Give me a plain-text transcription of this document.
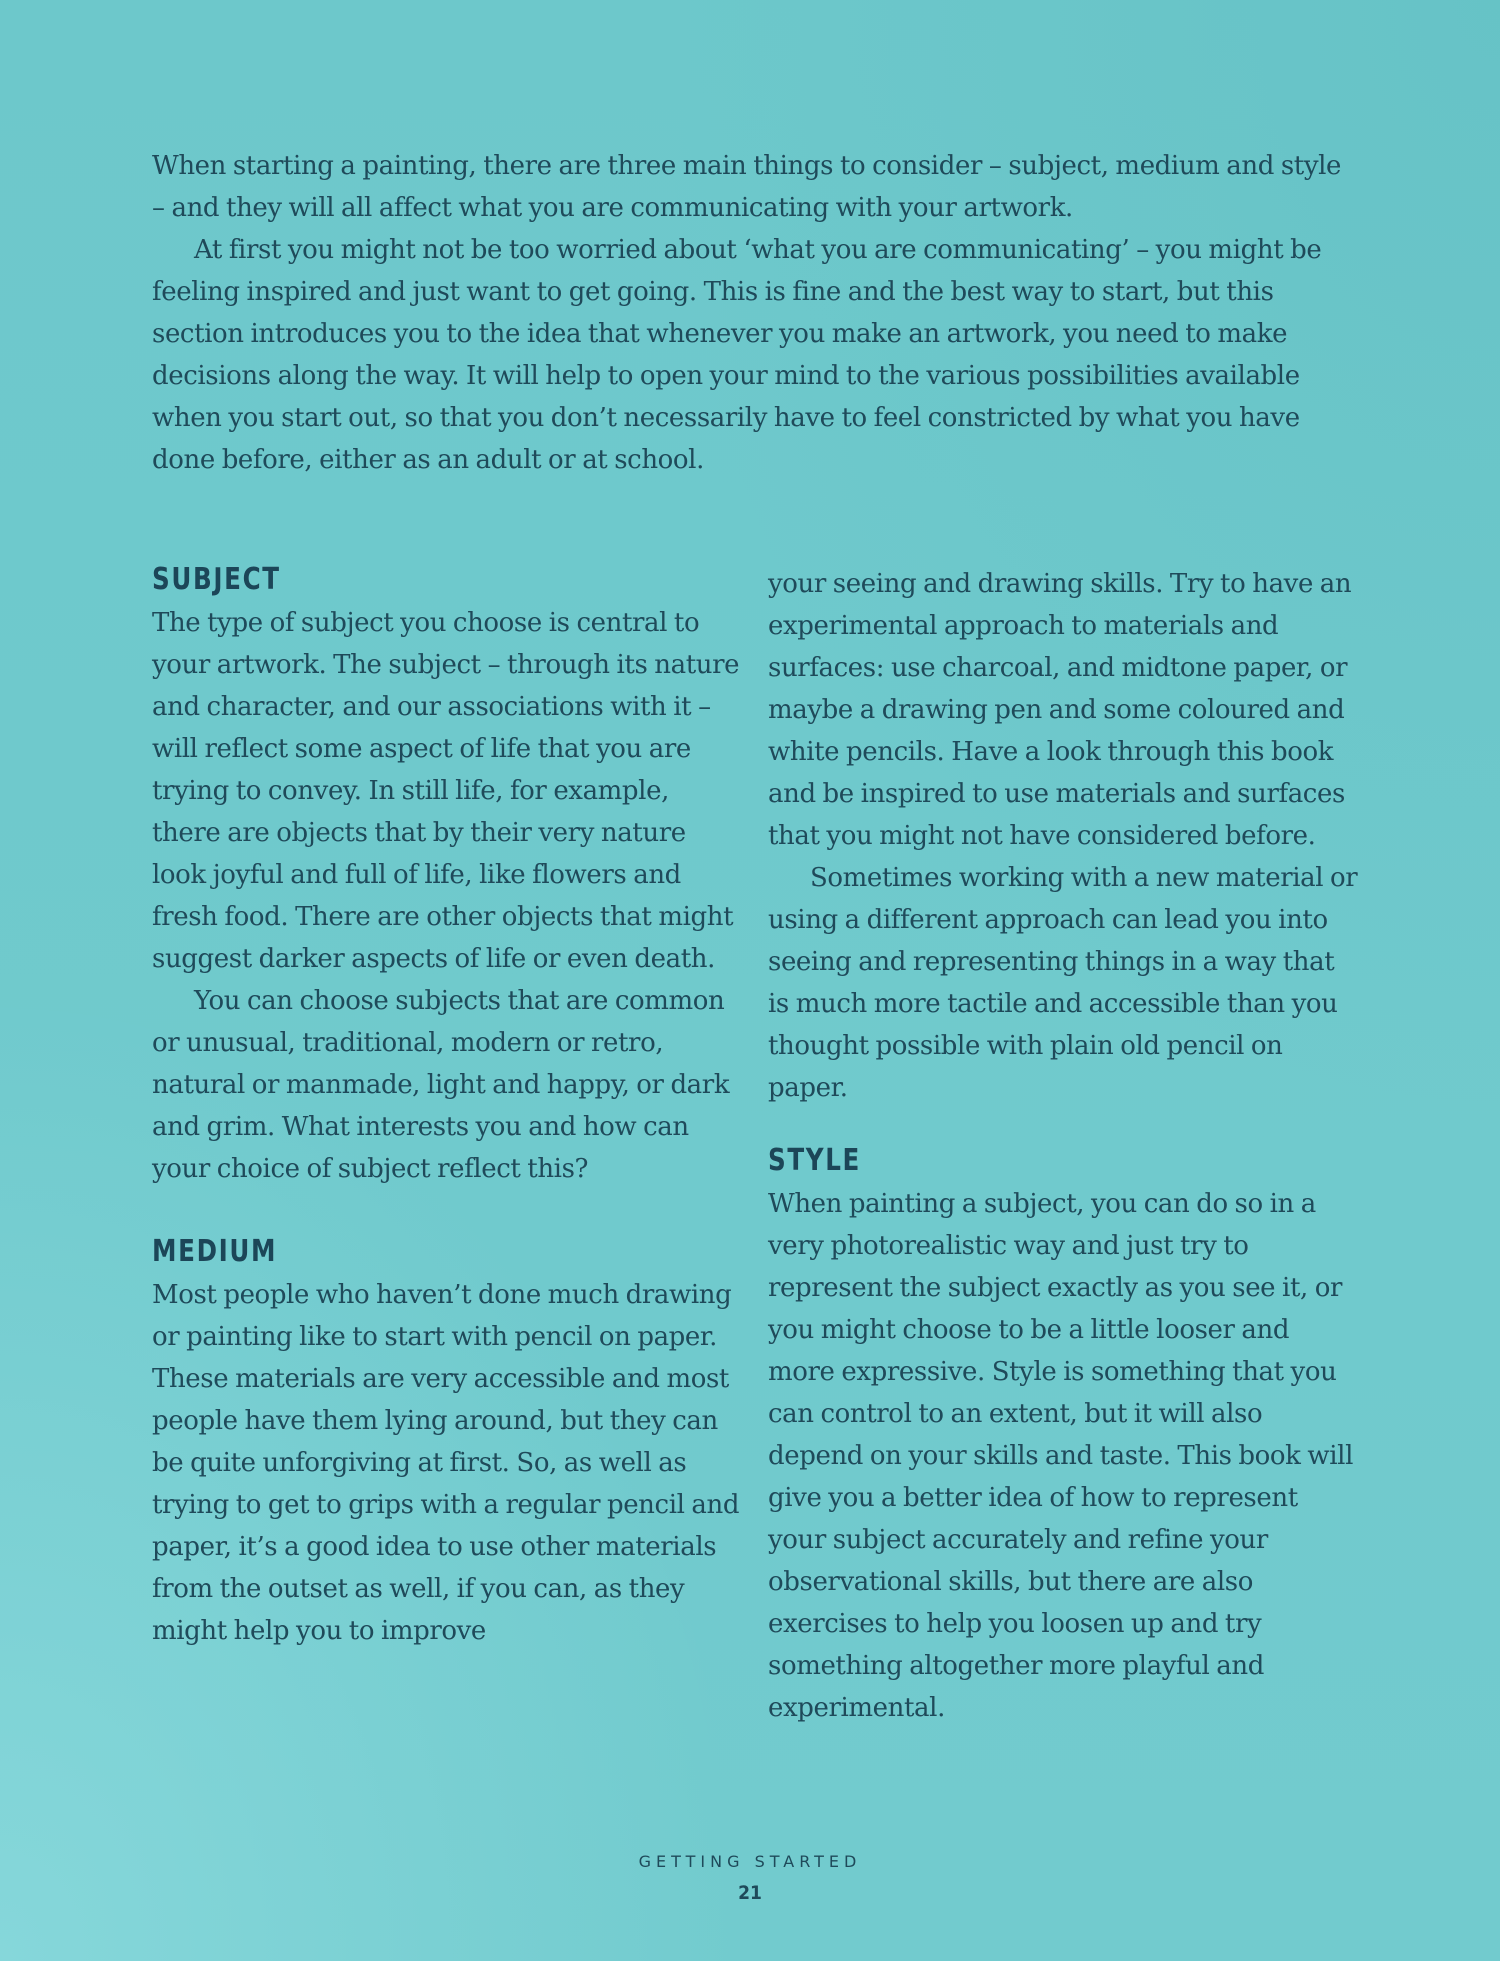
When starting a painting, there are three main things to consider – subject, medium and style – and they will all affect what you are communicating with your artwork.

At first you might not be too worried about ‘what you are communicating’ – you might be feeling inspired and just want to get going. This is fine and the best way to start, but this section introduces you to the idea that whenever you make an artwork, you need to make decisions along the way. It will help to open your mind to the various possibilities available when you start out, so that you don’t necessarily have to feel constricted by what you have done before, either as an adult or at school.

SUBJECT

The type of subject you choose is central to your artwork. The subject – through its nature and character, and our associations with it – will reflect some aspect of life that you are trying to convey. In still life, for example, there are objects that by their very nature look joyful and full of life, like flowers and fresh food. There are other objects that might suggest darker aspects of life or even death.

You can choose subjects that are common or unusual, traditional, modern or retro, natural or manmade, light and happy, or dark and grim. What interests you and how can your choice of subject reflect this?

MEDIUM

Most people who haven’t done much drawing or painting like to start with pencil on paper. These materials are very accessible and most people have them lying around, but they can be quite unforgiving at first. So, as well as trying to get to grips with a regular pencil and paper, it’s a good idea to use other materials from the outset as well, if you can, as they might help you to improve

your seeing and drawing skills. Try to have an experimental approach to materials and surfaces: use charcoal, and midtone paper, or maybe a drawing pen and some coloured and white pencils. Have a look through this book and be inspired to use materials and surfaces that you might not have considered before.

Sometimes working with a new material or using a different approach can lead you into seeing and representing things in a way that is much more tactile and accessible than you thought possible with plain old pencil on paper.

STYLE

When painting a subject, you can do so in a very photorealistic way and just try to represent the subject exactly as you see it, or you might choose to be a little looser and more expressive. Style is something that you can control to an extent, but it will also depend on your skills and taste. This book will give you a better idea of how to represent your subject accurately and refine your observational skills, but there are also exercises to help you loosen up and try something altogether more playful and experimental.

GETTING STARTED
21
